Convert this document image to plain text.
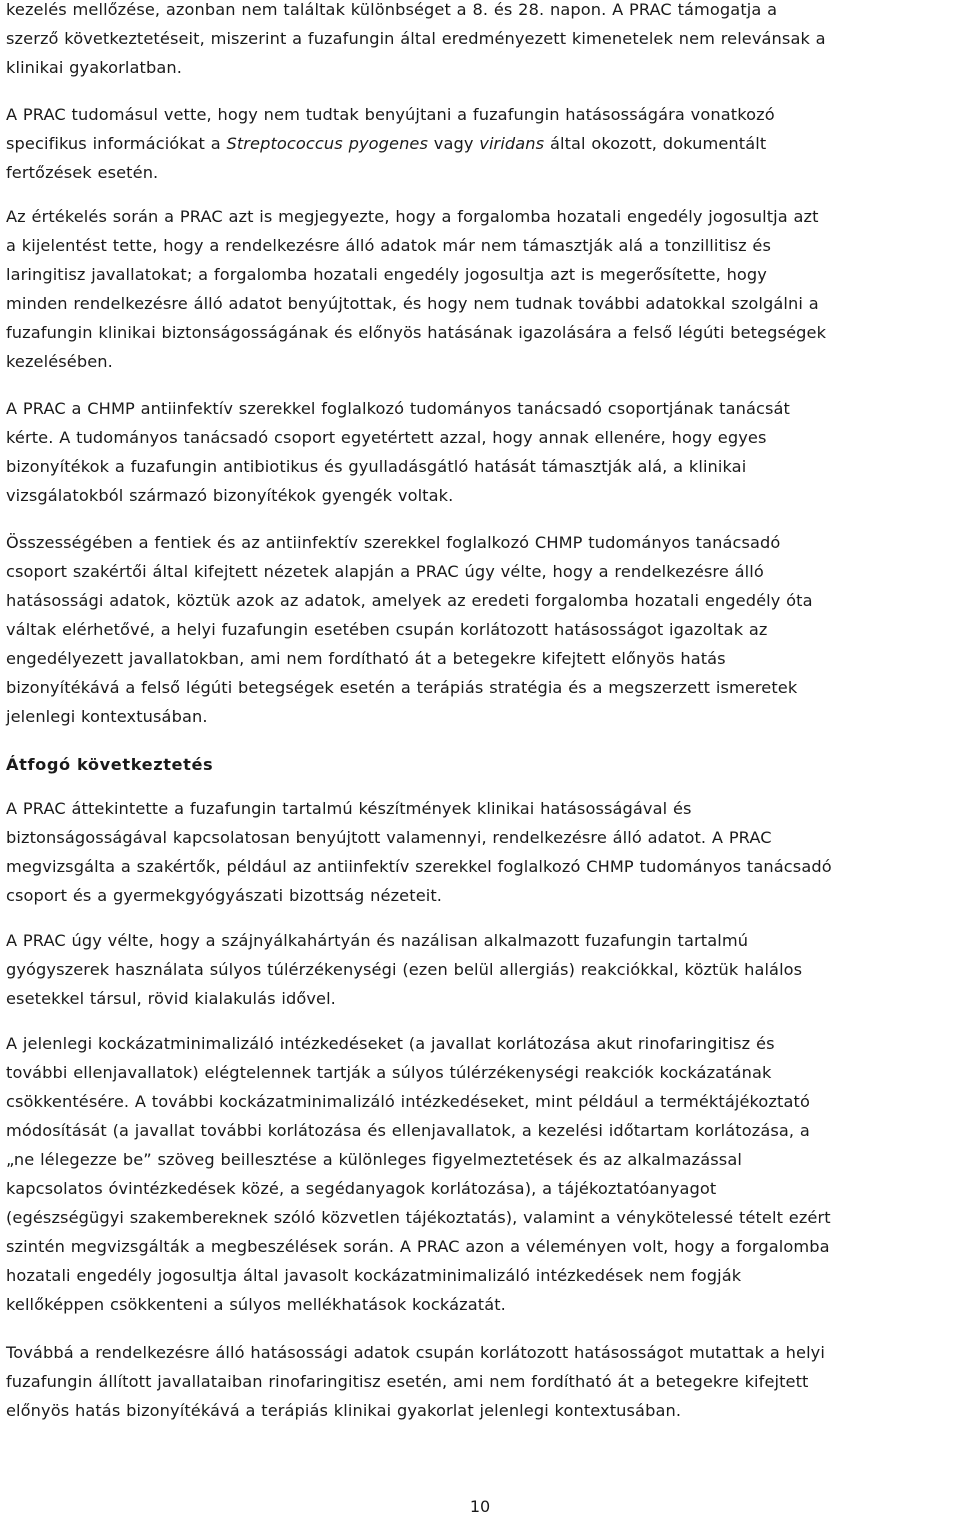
kezelés mellőzése, azonban nem találtak különbséget a 8. és 28. napon. A PRAC támogatja a
szerző következtetéseit, miszerint a fuzafungin által eredményezett kimenetelek nem relevánsak a
klinikai gyakorlatban.

A PRAC tudomásul vette, hogy nem tudtak benyújtani a fuzafungin hatásosságára vonatkozó
specifikus információkat a Streptococcus pyogenes vagy viridans által okozott, dokumentált
fertőzések esetén.

Az értékelés során a PRAC azt is megjegyezte, hogy a forgalomba hozatali engedély jogosultja azt
a kijelentést tette, hogy a rendelkezésre álló adatok már nem támasztják alá a tonzillitisz és
laringitisz javallatokat; a forgalomba hozatali engedély jogosultja azt is megerősítette, hogy
minden rendelkezésre álló adatot benyújtottak, és hogy nem tudnak további adatokkal szolgálni a
fuzafungin klinikai biztonságosságának és előnyös hatásának igazolására a felső légúti betegségek
kezelésében.

A PRAC a CHMP antiinfektív szerekkel foglalkozó tudományos tanácsadó csoportjának tanácsát
kérte. A tudományos tanácsadó csoport egyetértett azzal, hogy annak ellenére, hogy egyes
bizonyítékok a fuzafungin antibiotikus és gyulladásgátló hatását támasztják alá, a klinikai
vizsgálatokból származó bizonyítékok gyengék voltak.

Összességében a fentiek és az antiinfektív szerekkel foglalkozó CHMP tudományos tanácsadó
csoport szakértői által kifejtett nézetek alapján a PRAC úgy vélte, hogy a rendelkezésre álló
hatásossági adatok, köztük azok az adatok, amelyek az eredeti forgalomba hozatali engedély óta
váltak elérhetővé, a helyi fuzafungin esetében csupán korlátozott hatásosságot igazoltak az
engedélyezett javallatokban, ami nem fordítható át a betegekre kifejtett előnyös hatás
bizonyítékává a felső légúti betegségek esetén a terápiás stratégia és a megszerzett ismeretek
jelenlegi kontextusában.

Átfogó következtetés

A PRAC áttekintette a fuzafungin tartalmú készítmények klinikai hatásosságával és
biztonságosságával kapcsolatosan benyújtott valamennyi, rendelkezésre álló adatot. A PRAC
megvizsgálta a szakértők, például az antiinfektív szerekkel foglalkozó CHMP tudományos tanácsadó
csoport és a gyermekgyógyászati bizottság nézeteit.

A PRAC úgy vélte, hogy a szájnyálkahártyán és nazálisan alkalmazott fuzafungin tartalmú
gyógyszerek használata súlyos túlérzékenységi (ezen belül allergiás) reakciókkal, köztük halálos
esetekkel társul, rövid kialakulás idővel.

A jelenlegi kockázatminimalizáló intézkedéseket (a javallat korlátozása akut rinofaringitisz és
további ellenjavallatok) elégtelennek tartják a súlyos túlérzékenységi reakciók kockázatának
csökkentésére. A további kockázatminimalizáló intézkedéseket, mint például a terméktájékoztató
módosítását (a javallat további korlátozása és ellenjavallatok, a kezelési időtartam korlátozása, a
„ne lélegezze be” szöveg beillesztése a különleges figyelmeztetések és az alkalmazással
kapcsolatos óvintézkedések közé, a segédanyagok korlátozása), a tájékoztatóanyagot
(egészségügyi szakembereknek szóló közvetlen tájékoztatás), valamint a vénykötelessé tételt ezért
szintén megvizsgálták a megbeszélések során. A PRAC azon a véleményen volt, hogy a forgalomba
hozatali engedély jogosultja által javasolt kockázatminimalizáló intézkedések nem fogják
kellőképpen csökkenteni a súlyos mellékhatások kockázatát.

Továbbá a rendelkezésre álló hatásossági adatok csupán korlátozott hatásosságot mutattak a helyi
fuzafungin állított javallataiban rinofaringitisz esetén, ami nem fordítható át a betegekre kifejtett
előnyös hatás bizonyítékává a terápiás klinikai gyakorlat jelenlegi kontextusában.

10
